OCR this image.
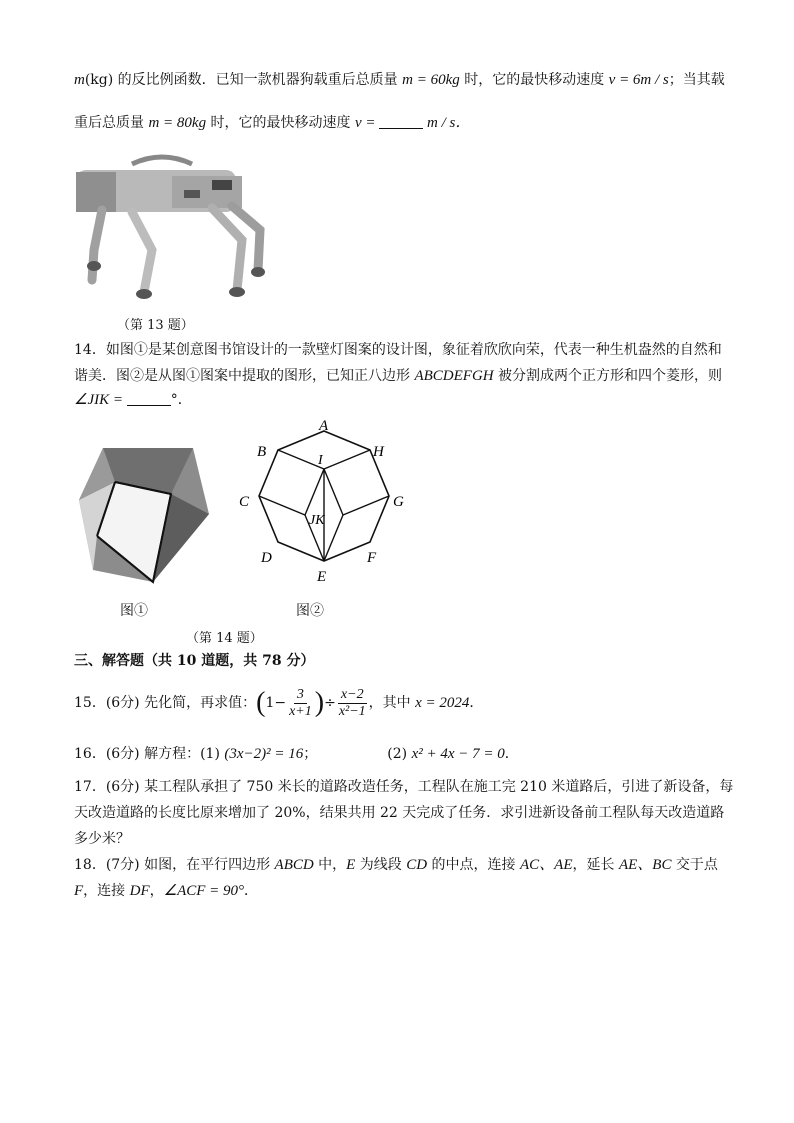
m(kg) 的反比例函数．已知一款机器狗载重后总质量 m = 60kg 时，它的最快移动速度 v = 6m / s；当其载
重后总质量 m = 80kg 时，它的最快移动速度 v =	m / s．
（第 13 题）
14．如图①是某创意图书馆设计的一款壁灯图案的设计图，象征着欣欣向荣，代表一种生机盎然的自然和
谐美．图②是从图①图案中提取的图形，已知正八边形 ABCDEFGH 被分割成两个正方形和四个菱形，则
∠JIK =	°．
图①
A
B	H
C	G
D	F
E
I
JK
图②
（第 14 题）
三、解答题（共 10 道题，共 78 分）
15．(6分) 先化简，再求值：($1- \frac{3}{x+1}$ )÷ $\frac{x-2}{\text{x²−1}}$ ，其中 x = 2024．
16．(6分) 解方程：(1) (3x−2)² = 16；	(2) x² + 4x − 7 = 0．
17．(6分) 某工程队承担了 750 米长的道路改造任务，工程队在施工完 210 米道路后，引进了新设备，每
天改造道路的长度比原来增加了 20%，结果共用 22 天完成了任务．求引进新设备前工程队每天改造道路
多少米？
18．(7分) 如图，在平行四边形 ABCD 中，E 为线段 CD 的中点，连接 AC、AE，延长 AE、BC 交于点
F，连接 DF，∠ACF = 90°．
